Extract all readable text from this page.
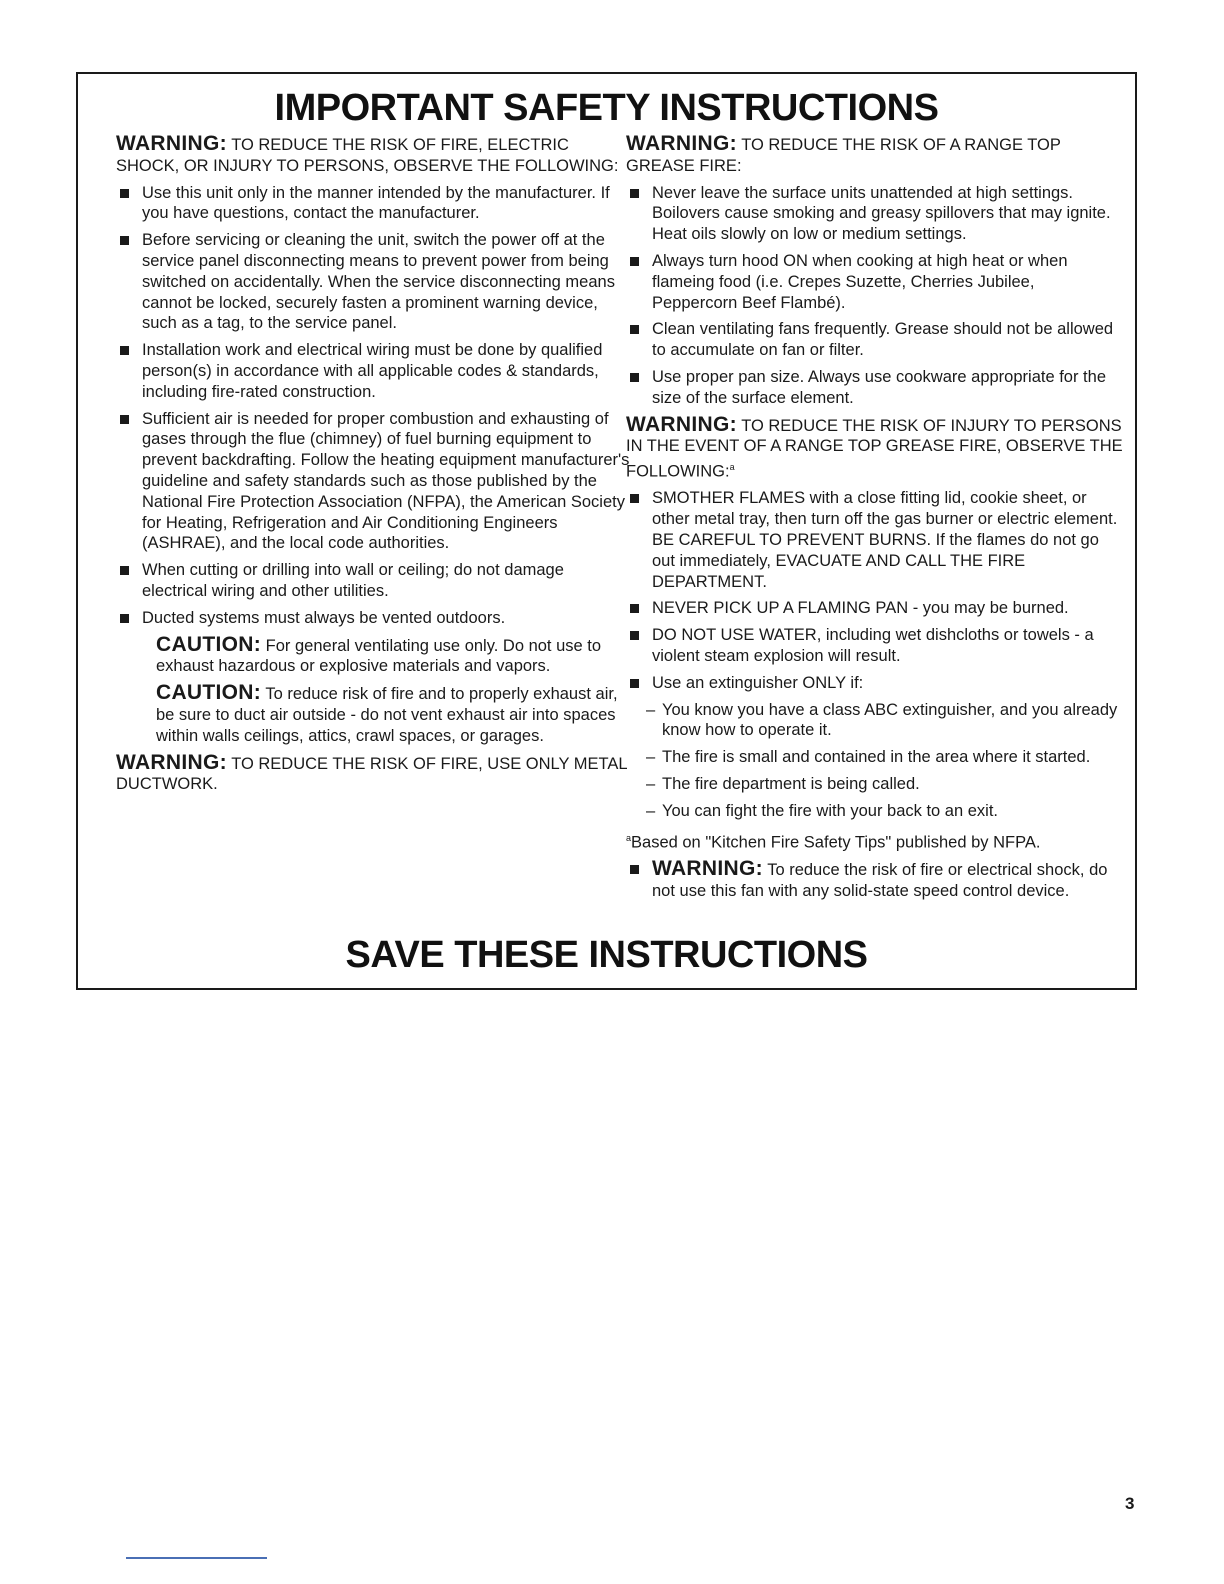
IMPORTANT SAFETY INSTRUCTIONS

WARNING: TO REDUCE THE RISK OF FIRE, ELECTRIC SHOCK, OR INJURY TO PERSONS, OBSERVE THE FOLLOWING:

Use this unit only in the manner intended by the manufacturer. If you have questions, contact the manufacturer.
Before servicing or cleaning the unit, switch the power off at the service panel disconnecting means to prevent power from being switched on accidentally. When the service disconnecting means cannot be locked, securely fasten a prominent warning device, such as a tag, to the service panel.
Installation work and electrical wiring must be done by qualified person(s) in accordance with all applicable codes & standards, including fire-rated construction.
Sufficient air is needed for proper combustion and exhausting of gases through the flue (chimney) of fuel burning equipment to prevent backdrafting. Follow the heating equipment manufacturer's guideline and safety standards such as those published by the National Fire Protection Association (NFPA), the American Society for Heating, Refrigeration and Air Conditioning Engineers (ASHRAE), and the local code authorities.
When cutting or drilling into wall or ceiling; do not damage electrical wiring and other utilities.
Ducted systems must always be vented outdoors.

CAUTION: For general ventilating use only. Do not use to exhaust hazardous or explosive materials and vapors.

CAUTION: To reduce risk of fire and to properly exhaust air, be sure to duct air outside - do not vent exhaust air into spaces within walls ceilings, attics, crawl spaces, or garages.

WARNING: TO REDUCE THE RISK OF FIRE, USE ONLY METAL DUCTWORK.

WARNING: TO REDUCE THE RISK OF A RANGE TOP GREASE FIRE:

Never leave the surface units unattended at high settings. Boilovers cause smoking and greasy spillovers that may ignite. Heat oils slowly on low or medium settings.
Always turn hood ON when cooking at high heat or when flameing food (i.e. Crepes Suzette, Cherries Jubilee, Peppercorn Beef Flambé).
Clean ventilating fans frequently. Grease should not be allowed to accumulate on fan or filter.
Use proper pan size. Always use cookware appropriate for the size of the surface element.

WARNING: TO REDUCE THE RISK OF INJURY TO PERSONS IN THE EVENT OF A RANGE TOP GREASE FIRE, OBSERVE THE FOLLOWING:$^a$

SMOTHER FLAMES with a close fitting lid, cookie sheet, or other metal tray, then turn off the gas burner or electric element. BE CAREFUL TO PREVENT BURNS. If the flames do not go out immediately, EVACUATE AND CALL THE FIRE DEPARTMENT.
NEVER PICK UP A FLAMING PAN - you may be burned.
DO NOT USE WATER, including wet dishcloths or towels - a violent steam explosion will result.
Use an extinguisher ONLY if:
– You know you have a class ABC extinguisher, and you already know how to operate it.
– The fire is small and contained in the area where it started.
– The fire department is being called.
– You can fight the fire with your back to an exit.

$^a$Based on "Kitchen Fire Safety Tips" published by NFPA.

WARNING: To reduce the risk of fire or electrical shock, do not use this fan with any solid-state speed control device.
SAVE THESE INSTRUCTIONS
3
